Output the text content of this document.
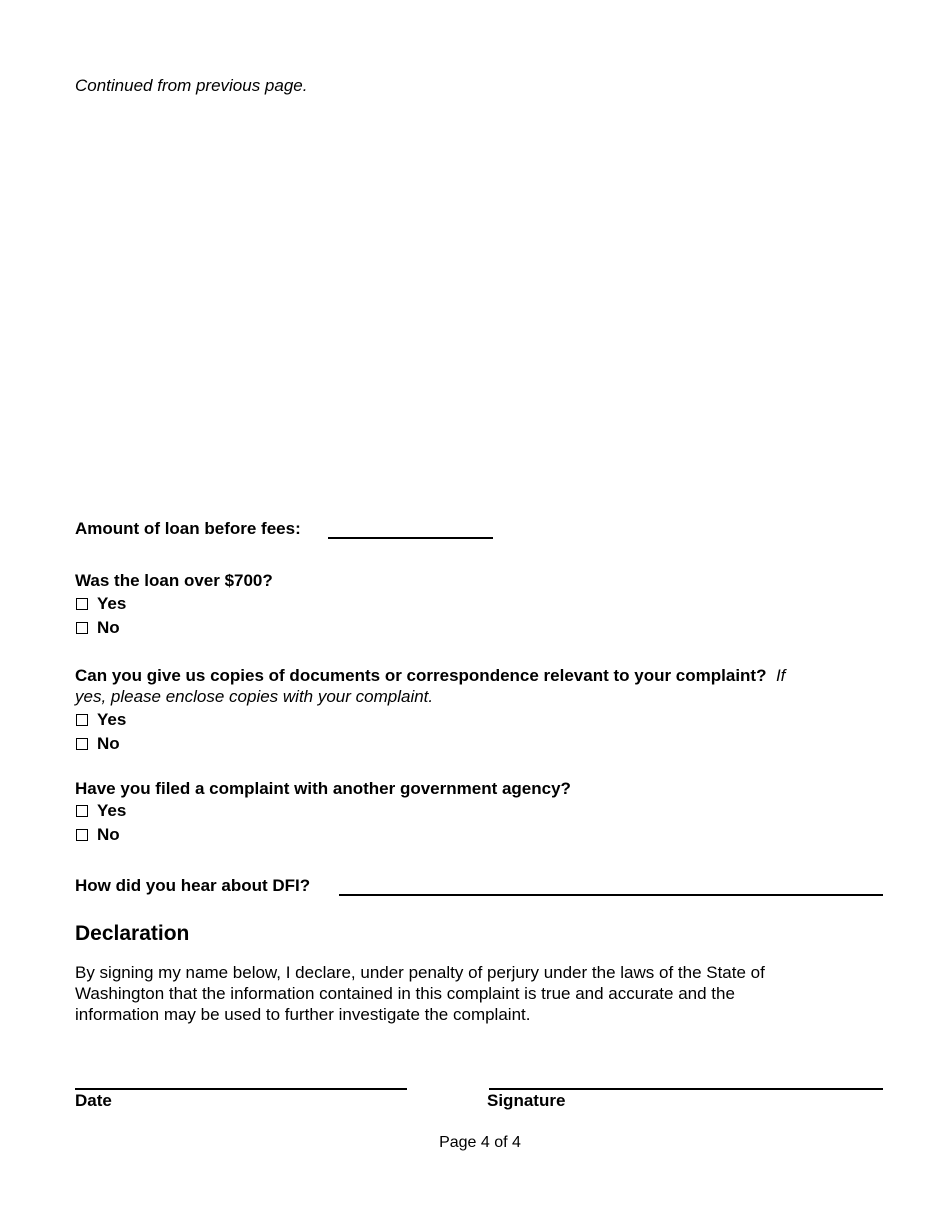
Continued from previous page.
Amount of loan before fees:
Was the loan over $700?
Yes
No
Can you give us copies of documents or correspondence relevant to your complaint? If
yes, please enclose copies with your complaint.
Yes
No
Have you filed a complaint with another government agency?
Yes
No
How did you hear about DFI?
Declaration
By signing my name below, I declare, under penalty of perjury under the laws of the State of
Washington that the information contained in this complaint is true and accurate and the
information may be used to further investigate the complaint.
Date	Signature
Page 4 of 4
